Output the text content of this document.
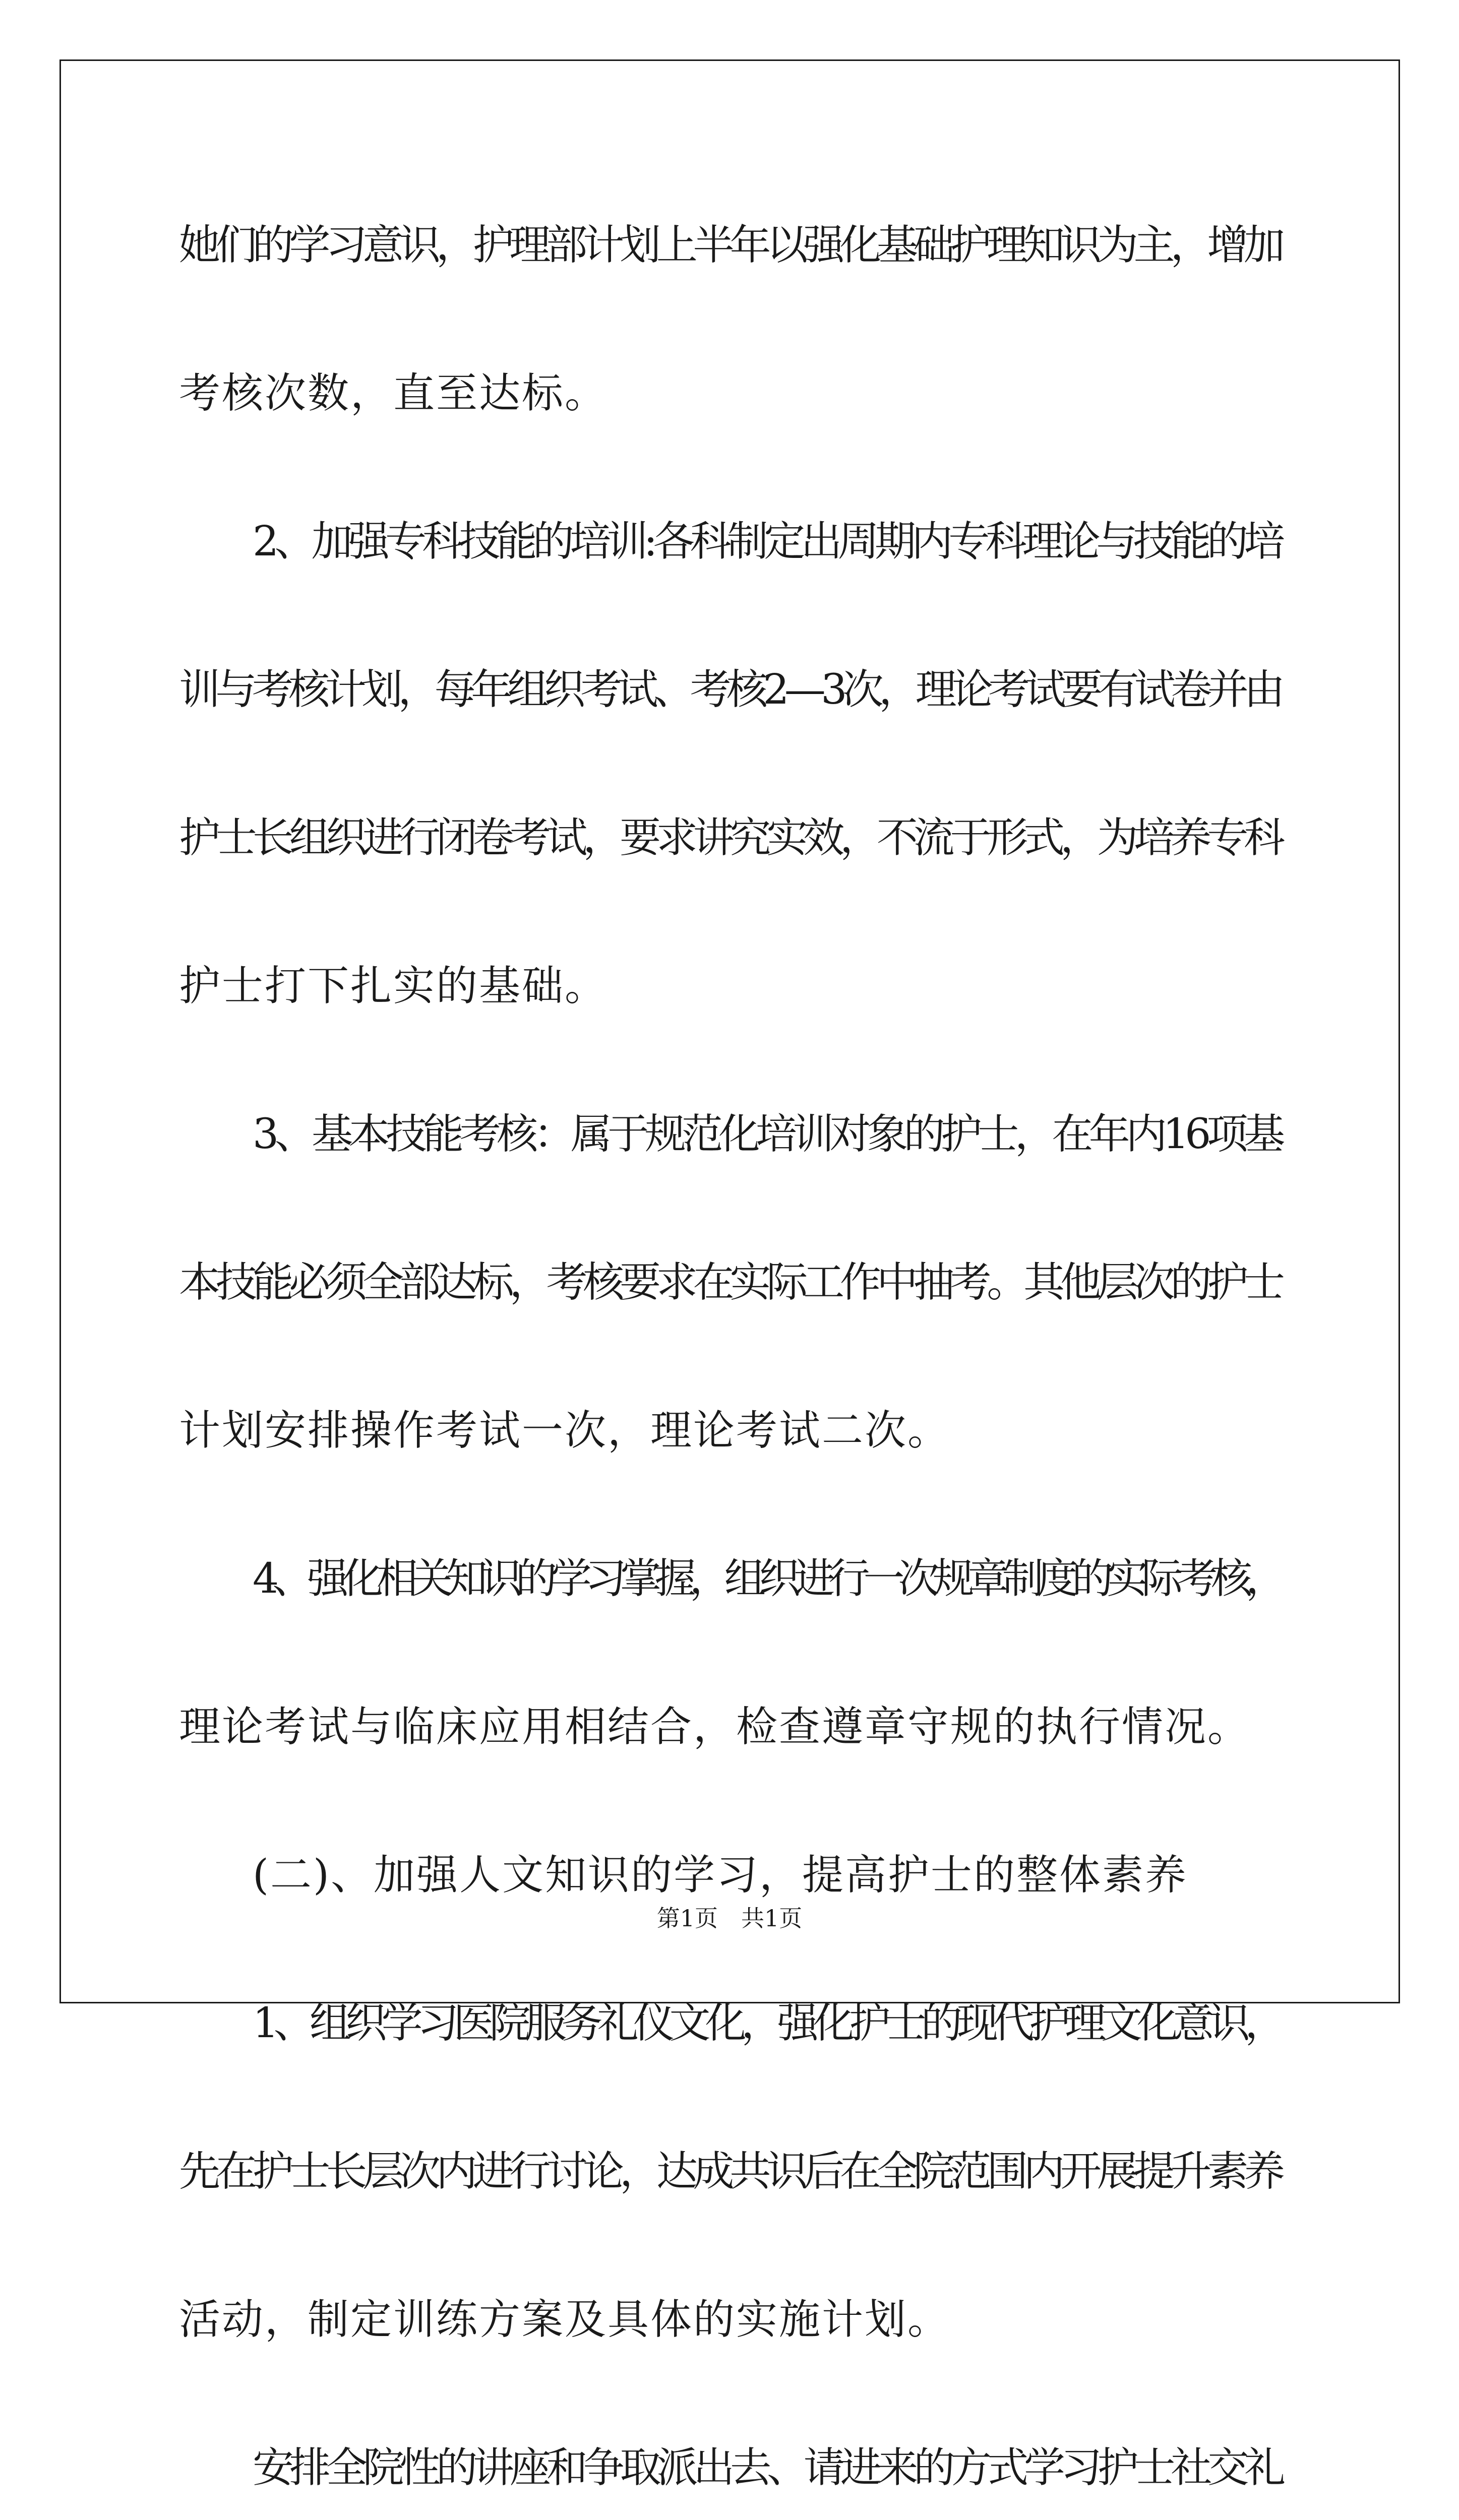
她们的学习意识，护理部计划上半年以强化基础护理知识为主，增加
考核次数，直至达标。
2、加强专科技能的培训:各科制定出周期内专科理论与技能的培
训与考核计划，每年组织考试、考核2—3次，理论考试要有试卷并由
护士长组织进行闭卷考试，要求讲究实效，不流于形式，为培养专科
护士打下扎实的基础。
3、基本技能考核：属于规范化培训对象的护士，在年内16项基
本技能必须全部达标，考核要求在实际工作中抽考。其他层次的护士
计划安排操作考试一次，理论考试二次。
4、强化相关知识的学习掌握，组织进行一次规章制度的实际考核，
理论考试与临床应用相结合，检查遵章守规的执行情况。
(二)、加强人文知识的学习，提高护士的整体素养
1、组织学习医院服务礼仪文化，强化护士的现代护理文化意识，
先在护士长层次内进行讨论，达成共识后在全院范围内开展提升素养
活动，制定训练方案及具体的实施计划。
安排全院性的讲座和争取派出去、请进来的方式学习护士社交礼
第1页　共1页
